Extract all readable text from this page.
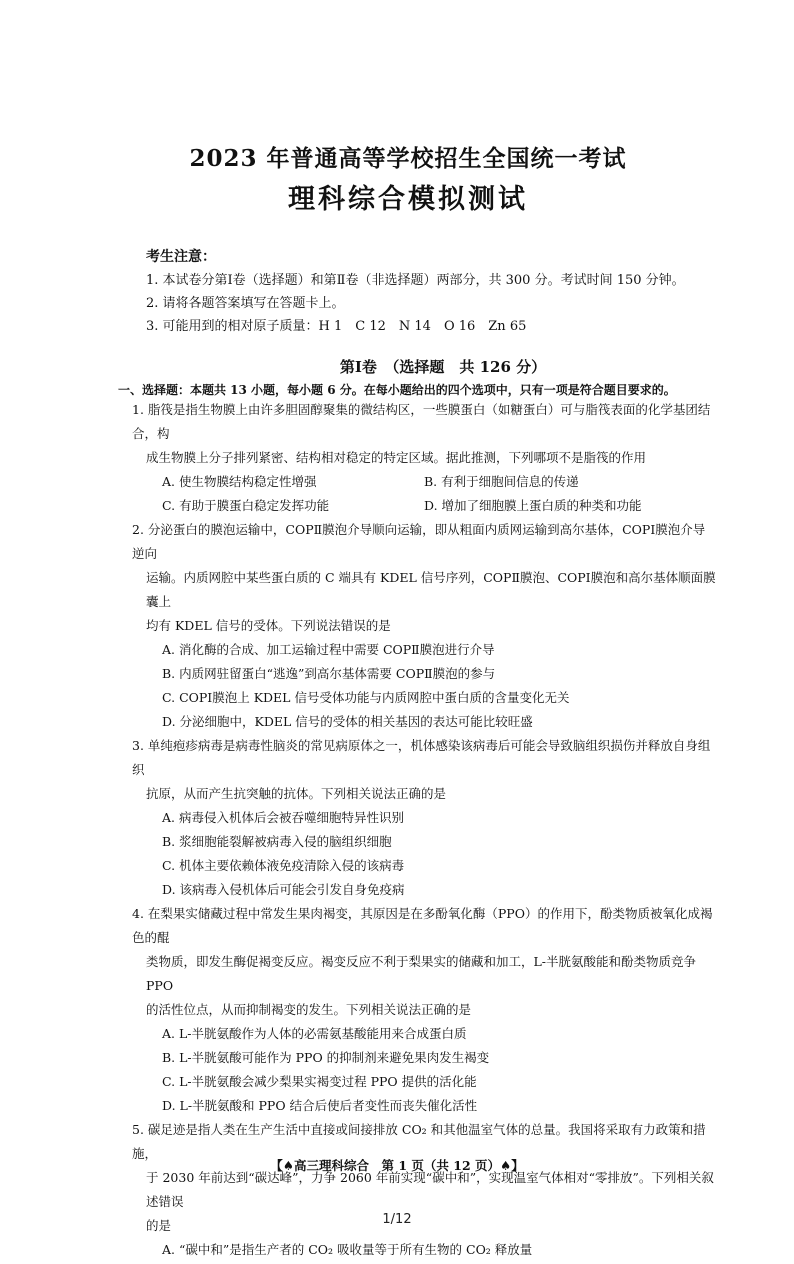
2023 年普通高等学校招生全国统一考试
理科综合模拟测试
考生注意：
1. 本试卷分第Ⅰ卷（选择题）和第Ⅱ卷（非选择题）两部分，共 300 分。考试时间 150 分钟。
2. 请将各题答案填写在答题卡上。
3. 可能用到的相对原子质量：H 1　C 12　N 14　O 16　Zn 65
第Ⅰ卷　（选择题　共 126 分）
一、选择题：本题共 13 小题，每小题 6 分。在每小题给出的四个选项中，只有一项是符合题目要求的。
1. 脂筏是指生物膜上由许多胆固醇聚集的微结构区，一些膜蛋白（如糖蛋白）可与脂筏表面的化学基团结合，构
成生物膜上分子排列紧密、结构相对稳定的特定区域。据此推测，下列哪项不是脂筏的作用
A. 使生物膜结构稳定性增强	B. 有利于细胞间信息的传递
C. 有助于膜蛋白稳定发挥功能	D. 增加了细胞膜上蛋白质的种类和功能
2. 分泌蛋白的膜泡运输中，COPⅡ膜泡介导顺向运输，即从粗面内质网运输到高尔基体，COPⅠ膜泡介导逆向
运输。内质网腔中某些蛋白质的 C 端具有 KDEL 信号序列，COPⅡ膜泡、COPⅠ膜泡和高尔基体顺面膜囊上
均有 KDEL 信号的受体。下列说法错误的是
A. 消化酶的合成、加工运输过程中需要 COPⅡ膜泡进行介导
B. 内质网驻留蛋白“逃逸”到高尔基体需要 COPⅡ膜泡的参与
C. COPⅠ膜泡上 KDEL 信号受体功能与内质网腔中蛋白质的含量变化无关
D. 分泌细胞中，KDEL 信号的受体的相关基因的表达可能比较旺盛
3. 单纯疱疹病毒是病毒性脑炎的常见病原体之一，机体感染该病毒后可能会导致脑组织损伤并释放自身组织
抗原，从而产生抗突触的抗体。下列相关说法正确的是
A. 病毒侵入机体后会被吞噬细胞特异性识别
B. 浆细胞能裂解被病毒入侵的脑组织细胞
C. 机体主要依赖体液免疫清除入侵的该病毒
D. 该病毒入侵机体后可能会引发自身免疫病
4. 在梨果实储藏过程中常发生果肉褐变，其原因是在多酚氧化酶（PPO）的作用下，酚类物质被氧化成褐色的醌
类物质，即发生酶促褐变反应。褐变反应不利于梨果实的储藏和加工，L-半胱氨酸能和酚类物质竞争 PPO
的活性位点，从而抑制褐变的发生。下列相关说法正确的是
A. L-半胱氨酸作为人体的必需氨基酸能用来合成蛋白质
B. L-半胱氨酸可能作为 PPO 的抑制剂来避免果肉发生褐变
C. L-半胱氨酸会减少梨果实褐变过程 PPO 提供的活化能
D. L-半胱氨酸和 PPO 结合后使后者变性而丧失催化活性
5. 碳足迹是指人类在生产生活中直接或间接排放 CO₂ 和其他温室气体的总量。我国将采取有力政策和措施，
于 2030 年前达到“碳达峰”，力争 2060 年前实现“碳中和”，实现温室气体相对“零排放”。下列相关叙述错误
的是
A. “碳中和”是指生产者的 CO₂ 吸收量等于所有生物的 CO₂ 释放量
【♠高三理科综合　第 1 页（共 12 页）♠】
1/12
